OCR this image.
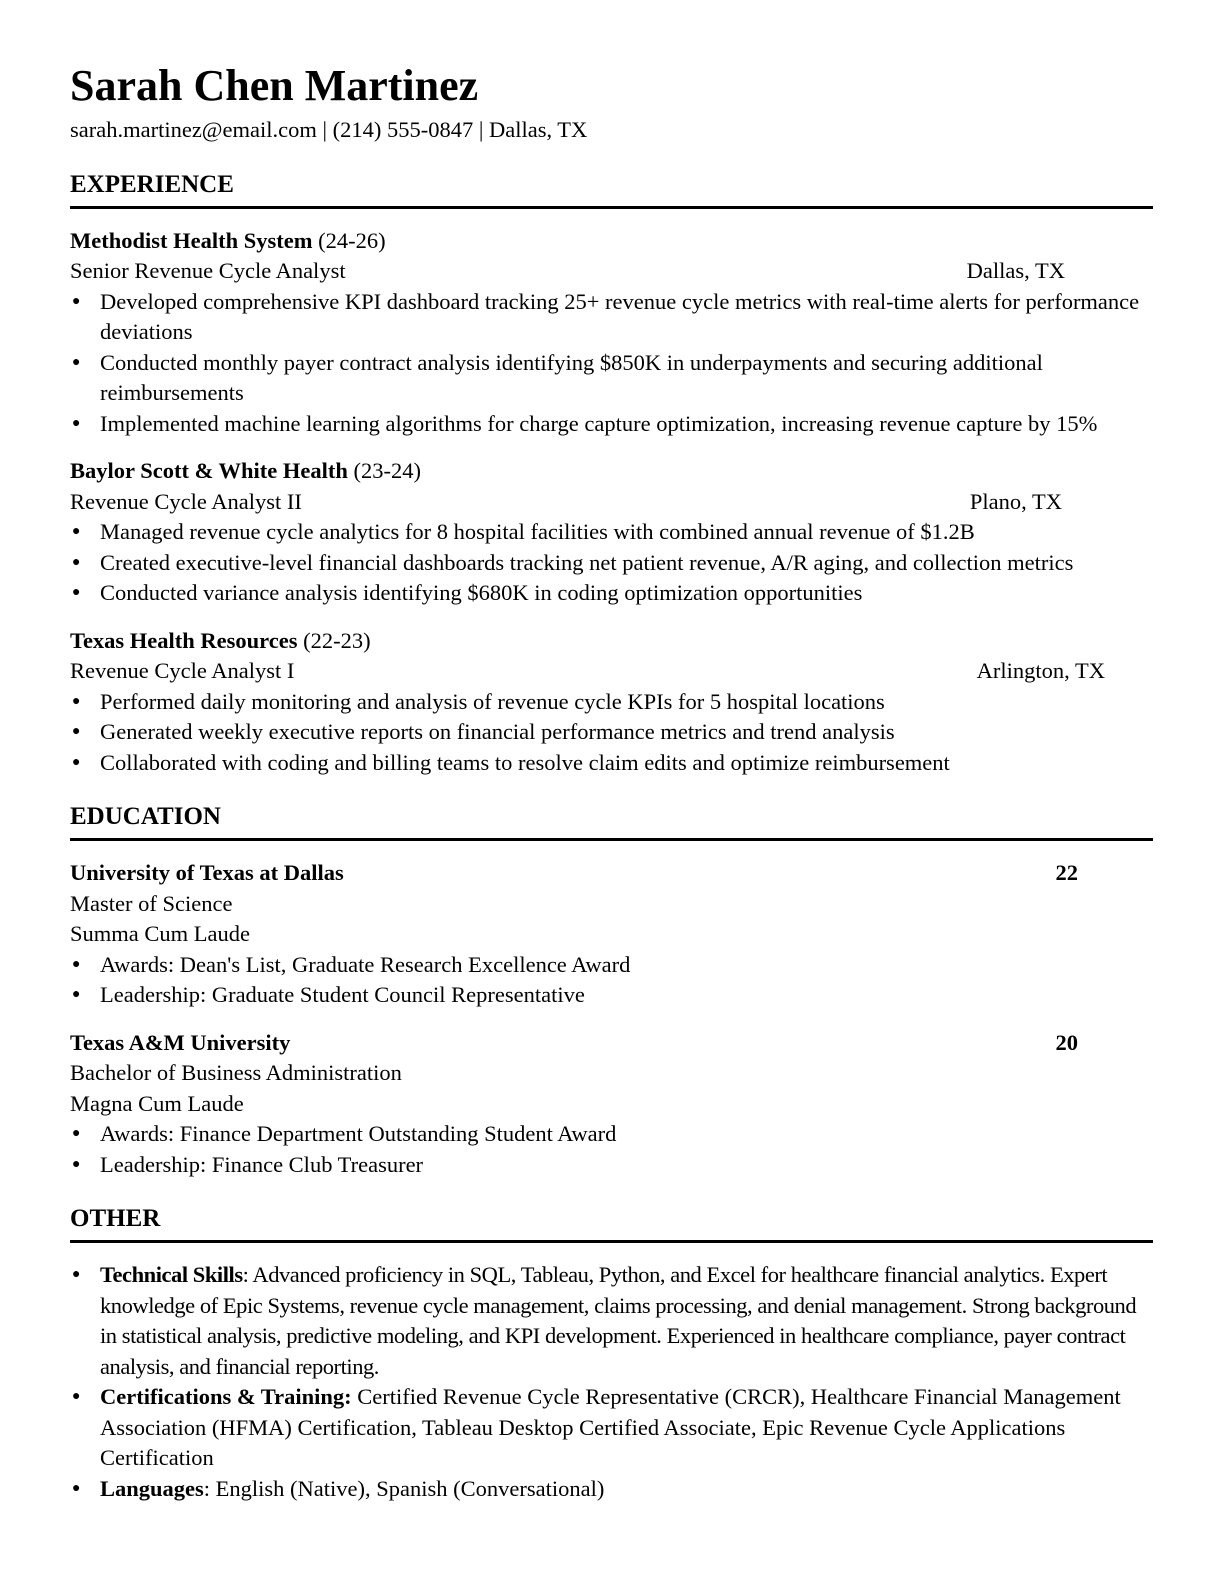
Sarah Chen Martinez

sarah.martinez@email.com | (214) 555-0847 | Dallas, TX

EXPERIENCE
Methodist Health System (24-26)
Senior Revenue Cycle Analyst	Dallas, TX
● Developed comprehensive KPI dashboard tracking 25+ revenue cycle metrics with real-time alerts for performance deviations
● Conducted monthly payer contract analysis identifying $850K in underpayments and securing additional reimbursements
● Implemented machine learning algorithms for charge capture optimization, increasing revenue capture by 15%
Baylor Scott & White Health (23-24)
Revenue Cycle Analyst II	Plano, TX
● Managed revenue cycle analytics for 8 hospital facilities with combined annual revenue of $1.2B
● Created executive-level financial dashboards tracking net patient revenue, A/R aging, and collection metrics
● Conducted variance analysis identifying $680K in coding optimization opportunities
Texas Health Resources (22-23)
Revenue Cycle Analyst I	Arlington, TX
● Performed daily monitoring and analysis of revenue cycle KPIs for 5 hospital locations
● Generated weekly executive reports on financial performance metrics and trend analysis
● Collaborated with coding and billing teams to resolve claim edits and optimize reimbursement
EDUCATION
University of Texas at Dallas	22
Master of Science
Summa Cum Laude
● Awards: Dean's List, Graduate Research Excellence Award
● Leadership: Graduate Student Council Representative
Texas A&M University	20
Bachelor of Business Administration
Magna Cum Laude
● Awards: Finance Department Outstanding Student Award
● Leadership: Finance Club Treasurer
OTHER
● Technical Skills: Advanced proficiency in SQL, Tableau, Python, and Excel for healthcare financial analytics. Expert knowledge of Epic Systems, revenue cycle management, claims processing, and denial management. Strong background in statistical analysis, predictive modeling, and KPI development. Experienced in healthcare compliance, payer contract analysis, and financial reporting.
● Certifications & Training: Certified Revenue Cycle Representative (CRCR), Healthcare Financial Management Association (HFMA) Certification, Tableau Desktop Certified Associate, Epic Revenue Cycle Applications Certification
● Languages: English (Native), Spanish (Conversational)
